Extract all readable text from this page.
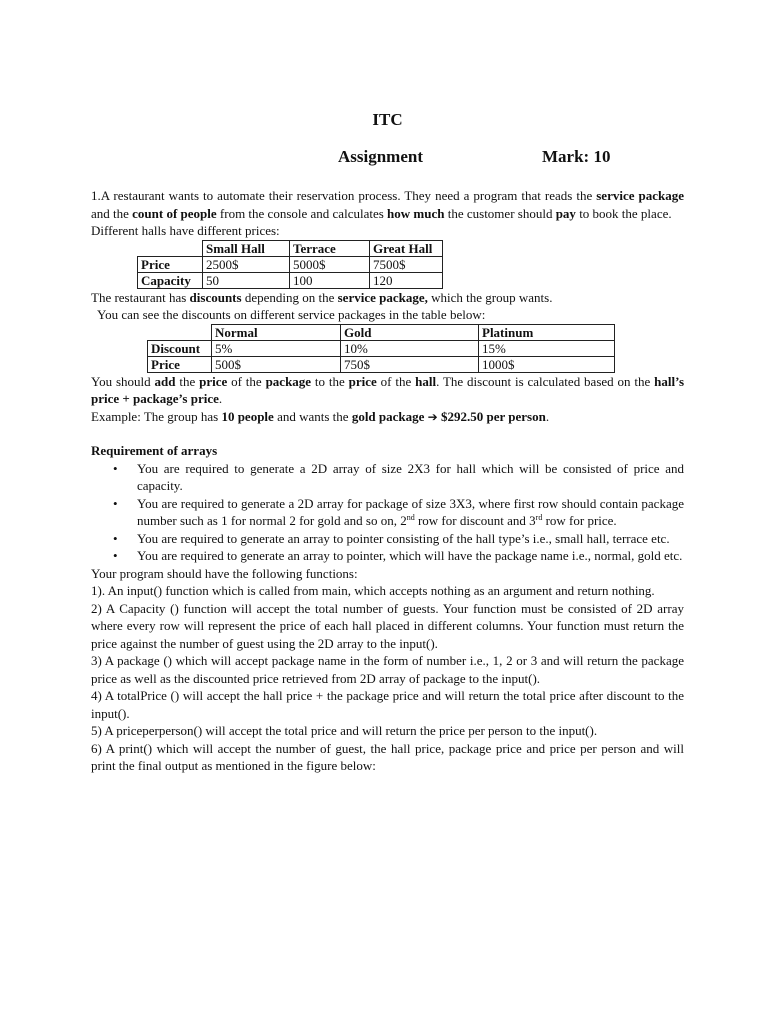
ITC
Assignment	Mark: 10

1.A restaurant wants to automate their reservation process. They need a program that reads the service package and the count of people from the console and calculates how much the customer should pay to book the place.

Different halls have different prices:

	Small Hall	Terrace	Great Hall
Price	2500$	5000$	7500$
Capacity	50	100	120

The restaurant has discounts depending on the service package, which the group wants.

You can see the discounts on different service packages in the table below:

	Normal	Gold	Platinum
Discount	5%	10%	15%
Price	500$	750$	1000$

You should add the price of the package to the price of the hall. The discount is calculated based on the hall’s price + package’s price.

Example: The group has 10 people and wants the gold package ➔ $292.50 per person.

Requirement of arrays

• You are required to generate a 2D array of size 2X3 for hall which will be consisted of price and capacity.
• You are required to generate a 2D array for package of size 3X3, where first row should contain package number such as 1 for normal 2 for gold and so on, 2nd row for discount and 3rd row for price.
• You are required to generate an array to pointer consisting of the hall type’s i.e., small hall, terrace etc.
• You are required to generate an array to pointer, which will have the package name i.e., normal, gold etc.

Your program should have the following functions:

1). An input() function which is called from main, which accepts nothing as an argument and return nothing.

2) A Capacity () function will accept the total number of guests. Your function must be consisted of 2D array where every row will represent the price of each hall placed in different columns. Your function must return the price against the number of guest using the 2D array to the input().

3) A package () which will accept package name in the form of number i.e., 1, 2 or 3 and will return the package price as well as the discounted price retrieved from 2D array of package to the input().

4) A totalPrice () will accept the hall price + the package price and will return the total price after discount to the input().

5) A priceperperson() will accept the total price and will return the price per person to the input().

6) A print() which will accept the number of guest, the hall price, package price and price per person and will print the final output as mentioned in the figure below:
